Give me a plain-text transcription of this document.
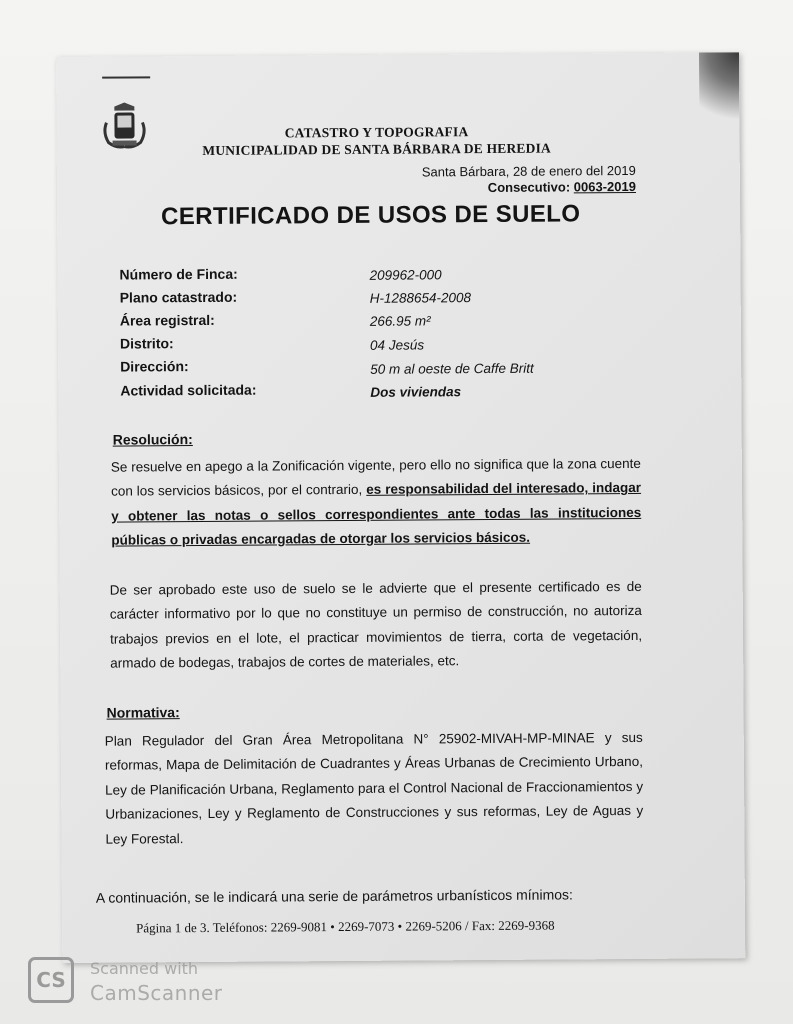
CATASTRO Y TOPOGRAFIA
MUNICIPALIDAD DE SANTA BÁRBARA DE HEREDIA
Santa Bárbara, 28 de enero del 2019
Consecutivo: 0063-2019
CERTIFICADO DE USOS DE SUELO
Número de Finca:	209962-000
Plano catastrado:	H-1288654-2008
Área registral:	266.95 m²
Distrito:	04 Jesús
Dirección:	50 m al oeste de Caffe Britt
Actividad solicitada:	Dos viviendas
Resolución:
Se resuelve en apego a la Zonificación vigente, pero ello no significa que la zona cuente con los servicios básicos, por el contrario, es responsabilidad del interesado, indagar y obtener las notas o sellos correspondientes ante todas las instituciones públicas o privadas encargadas de otorgar los servicios básicos.
De ser aprobado este uso de suelo se le advierte que el presente certificado es de carácter informativo por lo que no constituye un permiso de construcción, no autoriza trabajos previos en el lote, el practicar movimientos de tierra, corta de vegetación, armado de bodegas, trabajos de cortes de materiales, etc.
Normativa:
Plan Regulador del Gran Área Metropolitana N° 25902-MIVAH-MP-MINAE y sus reformas, Mapa de Delimitación de Cuadrantes y Áreas Urbanas de Crecimiento Urbano, Ley de Planificación Urbana, Reglamento para el Control Nacional de Fraccionamientos y Urbanizaciones, Ley y Reglamento de Construcciones y sus reformas, Ley de Aguas y Ley Forestal.
A continuación, se le indicará una serie de parámetros urbanísticos mínimos:
Página 1 de 3. Teléfonos: 2269-9081 • 2269-7073 • 2269-5206 / Fax: 2269-9368
CS	Scanned with
CamScanner
